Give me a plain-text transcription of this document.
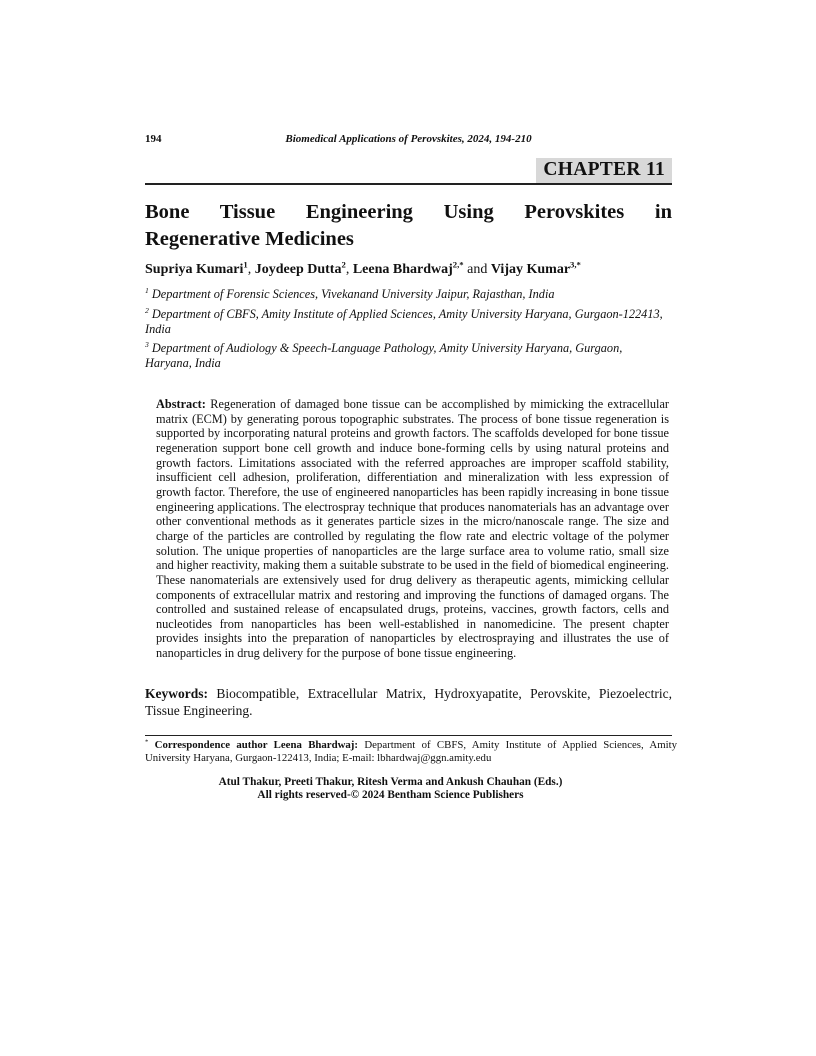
194	Biomedical Applications of Perovskites, 2024, 194-210
CHAPTER 11
Bone Tissue Engineering Using Perovskites in
Regenerative Medicines

Supriya Kumari$^1$, Joydeep Dutta$^2$, Leena Bhardwaj$^{2,*}$ and Vijay Kumar$^{3,*}$

$^1$ Department of Forensic Sciences, Vivekanand University Jaipur, Rajasthan, India

$^2$ Department of CBFS, Amity Institute of Applied Sciences, Amity University Haryana, Gurgaon-122413, India

$^3$ Department of Audiology & Speech-Language Pathology, Amity University Haryana, Gurgaon, Haryana, India

Abstract: Regeneration of damaged bone tissue can be accomplished by mimicking the extracellular matrix (ECM) by generating porous topographic substrates. The process of bone tissue regeneration is supported by incorporating natural proteins and growth factors. The scaffolds developed for bone tissue regeneration support bone cell growth and induce bone-forming cells by using natural proteins and growth factors. Limitations associated with the referred approaches are improper scaffold stability, insufficient cell adhesion, proliferation, differentiation and mineralization with less expression of growth factor. Therefore, the use of engineered nanoparticles has been rapidly increasing in bone tissue engineering applications. The electrospray technique that produces nanomaterials has an advantage over other conventional methods as it generates particle sizes in the micro/nanoscale range. The size and charge of the particles are controlled by regulating the flow rate and electric voltage of the polymer solution. The unique properties of nanoparticles are the large surface area to volume ratio, small size and higher reactivity, making them a suitable substrate to be used in the field of biomedical engineering. These nanomaterials are extensively used for drug delivery as therapeutic agents, mimicking cellular components of extracellular matrix and restoring and improving the functions of damaged organs. The controlled and sustained release of encapsulated drugs, proteins, vaccines, growth factors, cells and nucleotides from nanoparticles has been well-established in nanomedicine. The present chapter provides insights into the preparation of nanoparticles by electrospraying and illustrates the use of nanoparticles in drug delivery for the purpose of bone tissue engineering.

Keywords: Biocompatible, Extracellular Matrix, Hydroxyapatite, Perovskite, Piezoelectric, Tissue Engineering.

* Correspondence author Leena Bhardwaj: Department of CBFS, Amity Institute of Applied Sciences, Amity University Haryana, Gurgaon-122413, India; E-mail: lbhardwaj@ggn.amity.edu

Atul Thakur, Preeti Thakur, Ritesh Verma and Ankush Chauhan (Eds.)
All rights reserved-© 2024 Bentham Science Publishers
